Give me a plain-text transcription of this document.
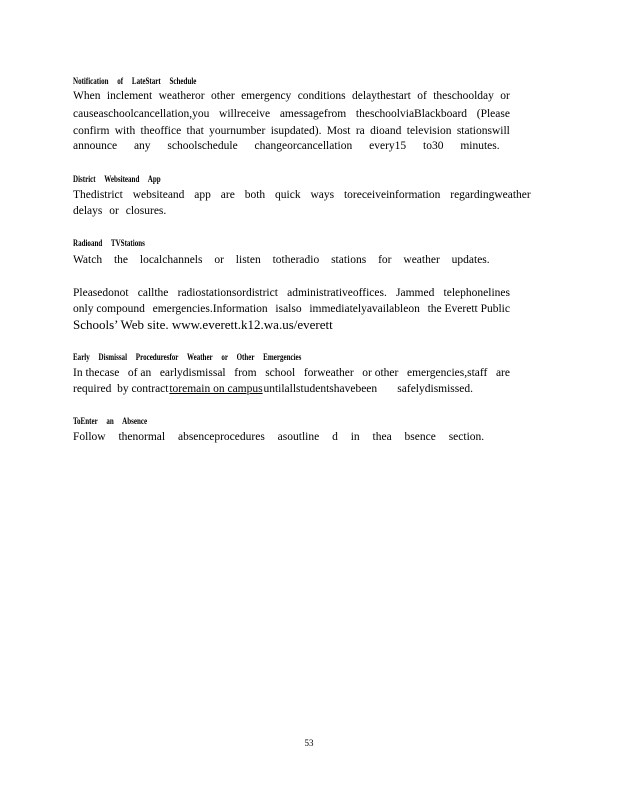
Notification of LateStart Schedule
When inclement weatheror other emergency conditions delaythestart of theschoolday or
causeaschoolcancellation,you willreceive amessagefrom theschoolviaBlackboard (Please
confirm with theoffice that yournumber isupdated). Most ra dioand television stationswill
announce any schoolschedule changeorcancellation every15 to30 minutes.
District Websiteand App
Thedistrict websiteand app are both quick ways toreceiveinformation regardingweather
delays or closures.
Radioand TVStations
Watch the localchannels or listen totheradio stations for weather updates.
Pleasedonot callthe radiostationsordistrict administrativeoffices. Jammed telephonelines
only compound emergencies.Information isalso immediatelyavailableon the Everett Public
Schools’ Web site. www.everett.k12.wa.us/everett
Early Dismissal Proceduresfor Weather or Other Emergencies
In thecase of an earlydismissal from school forweather or other emergencies,staff are
required  by contract toremain on campus untilallstudentshavebeen       safelydismissed.
ToEnter an Absence
Follow thenormal absenceprocedures asoutline d in thea bsence section.
53
